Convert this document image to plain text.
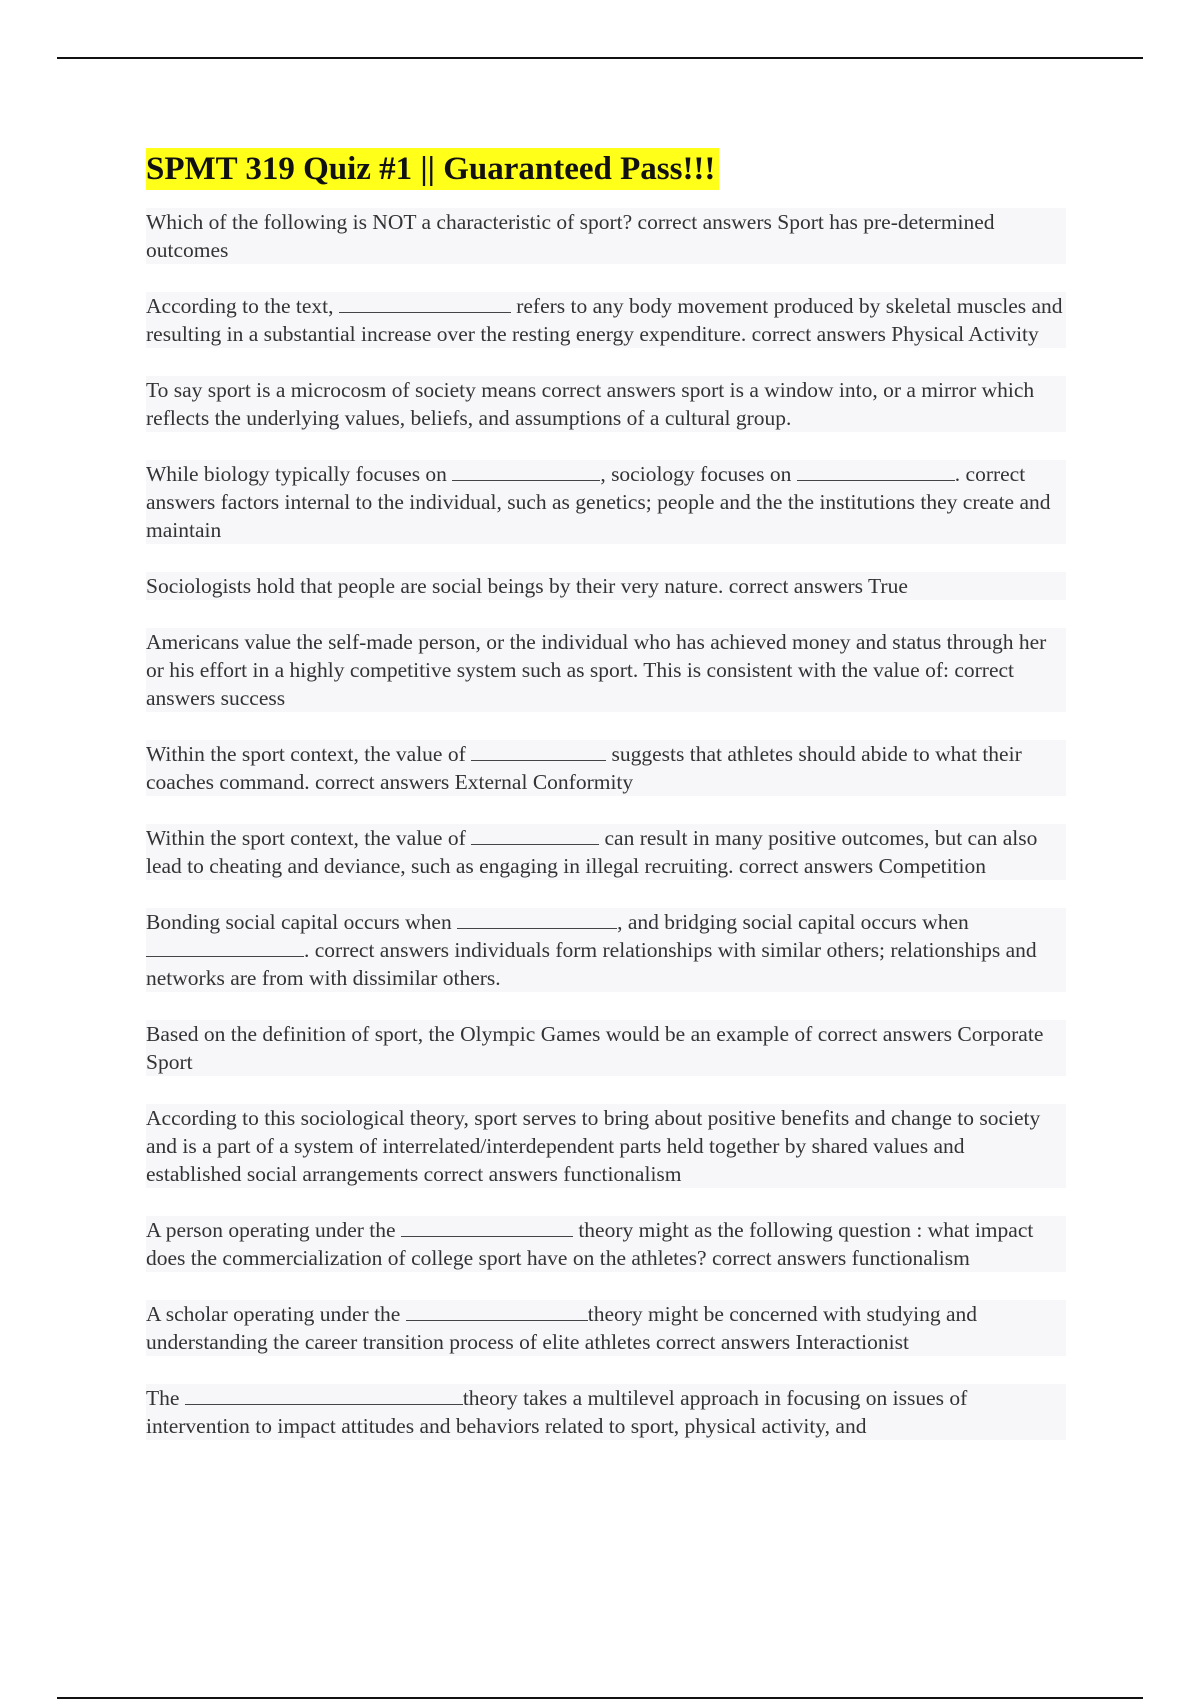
SPMT 319 Quiz #1 || Guaranteed Pass!!!
Which of the following is NOT a characteristic of sport? correct answers Sport has pre-determined outcomes
According to the text,	refers to any body movement produced by skeletal muscles and resulting in a substantial increase over the resting energy expenditure. correct answers Physical Activity
To say sport is a microcosm of society means correct answers sport is a window into, or a mirror which reflects the underlying values, beliefs, and assumptions of a cultural group.
While biology typically focuses on	, sociology focuses on	. correct answers factors internal to the individual, such as genetics; people and the the institutions they create and maintain
Sociologists hold that people are social beings by their very nature. correct answers True
Americans value the self-made person, or the individual who has achieved money and status through her or his effort in a highly competitive system such as sport. This is consistent with the value of: correct answers success
Within the sport context, the value of	suggests that athletes should abide to what their coaches command. correct answers External Conformity
Within the sport context, the value of	can result in many positive outcomes, but can also lead to cheating and deviance, such as engaging in illegal recruiting. correct answers Competition
Bonding social capital occurs when	, and bridging social capital occurs when . correct answers individuals form relationships with similar others; relationships and networks are from with dissimilar others.
Based on the definition of sport, the Olympic Games would be an example of correct answers Corporate Sport
According to this sociological theory, sport serves to bring about positive benefits and change to society and is a part of a system of interrelated/interdependent parts held together by shared values and established social arrangements correct answers functionalism
A person operating under the	theory might as the following question : what impact does the commercialization of college sport have on the athletes? correct answers functionalism
A scholar operating under the	theory might be concerned with studying and understanding the career transition process of elite athletes correct answers Interactionist
The	theory takes a multilevel approach in focusing on issues of intervention to impact attitudes and behaviors related to sport, physical activity, and
